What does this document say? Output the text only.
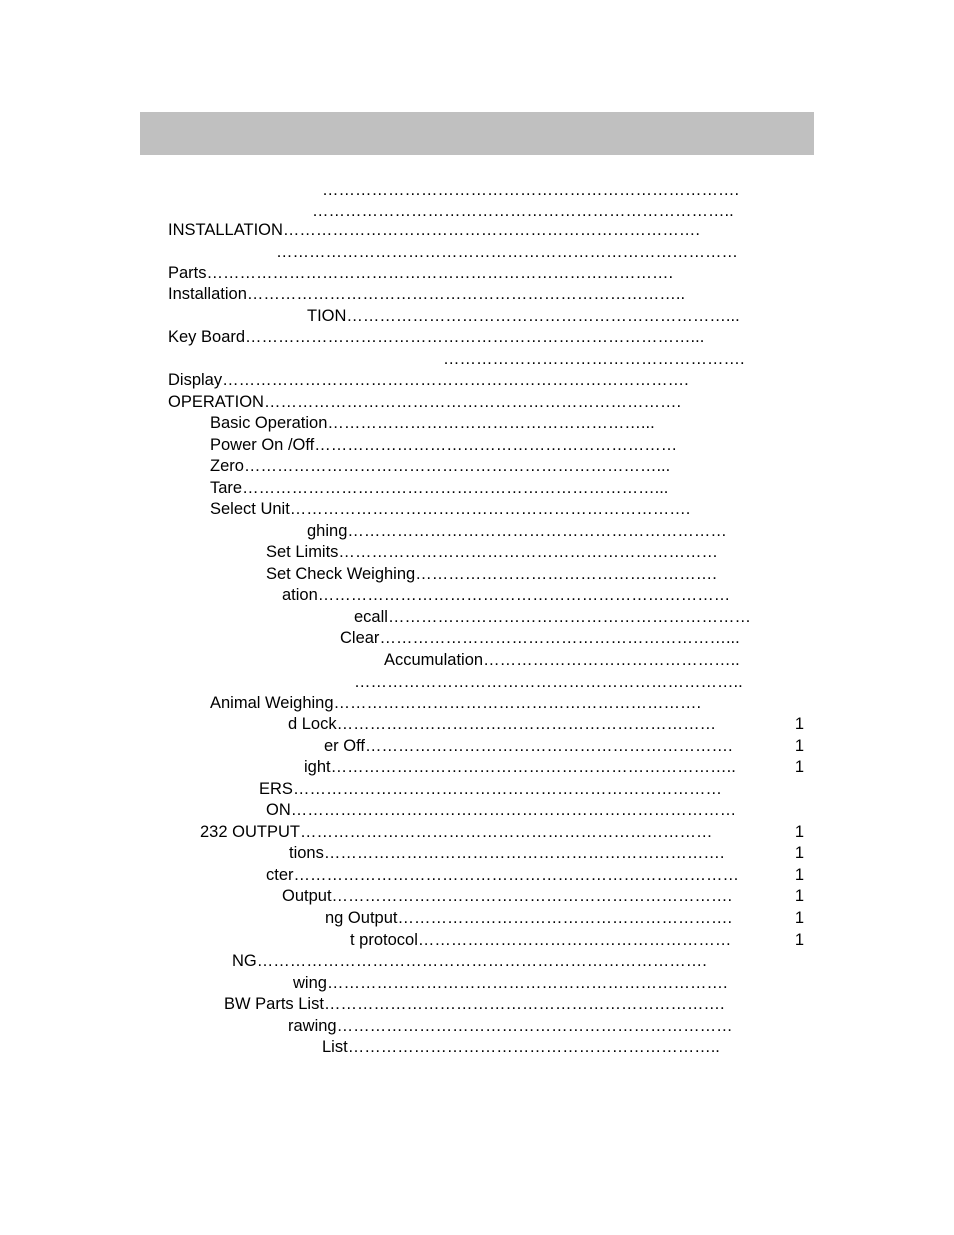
………………………………………………………………….
…………………………………………………………………..
INSTALLATION ………………………………………………………………….
…………………………………………………………………………
Parts ………………………………………………………………………….
Installation ……………………………………………………………………..
TION ……………………………………………………………...
Key Board ………………………………………………………………………...
……………………………………………….
Display ………………………………………………………………………….
OPERATION ………………………………………………………………….
Basic Operation …………………………………………………...
Power On /Off …………………………………………………………
Zero …………………………………………………………………...
Tare …………………………………………………………………...
Select Unit ……………………………………………………………….
ghing ……………………………………………………………
Set Limits… …………………………………………………………
Set Check Weighing ……………………………………………….
ation …………………………………………………………………
ecall …………………………………………………………
Clear ………………………………………………………...
Accumulation ………………………………………..
……………………………………………………………..
Animal Weighing ………………………………………………………….
d Lock ……………………………………………………………	1
er Off ………………………………………………………….	1
ight ………………………………………………………………..	1
ERS ……………………………………………………………………
ON ………………………………………………………………………
232 OUTPUT …………………………………………………………………	1
tions ……………………………………………………………….	1
cter ………………………………………………………………………	1
Output ……………………………………………………………….	1
ng Output …………………………………………………….	1
t protocol …………………………………………………	1
NG ……………………………………………………………………….
wing ……………………………………………………………….
BW Parts List ……………………………………………………………….
rawing ………………………………………………………………
List …………………………………………………………..
